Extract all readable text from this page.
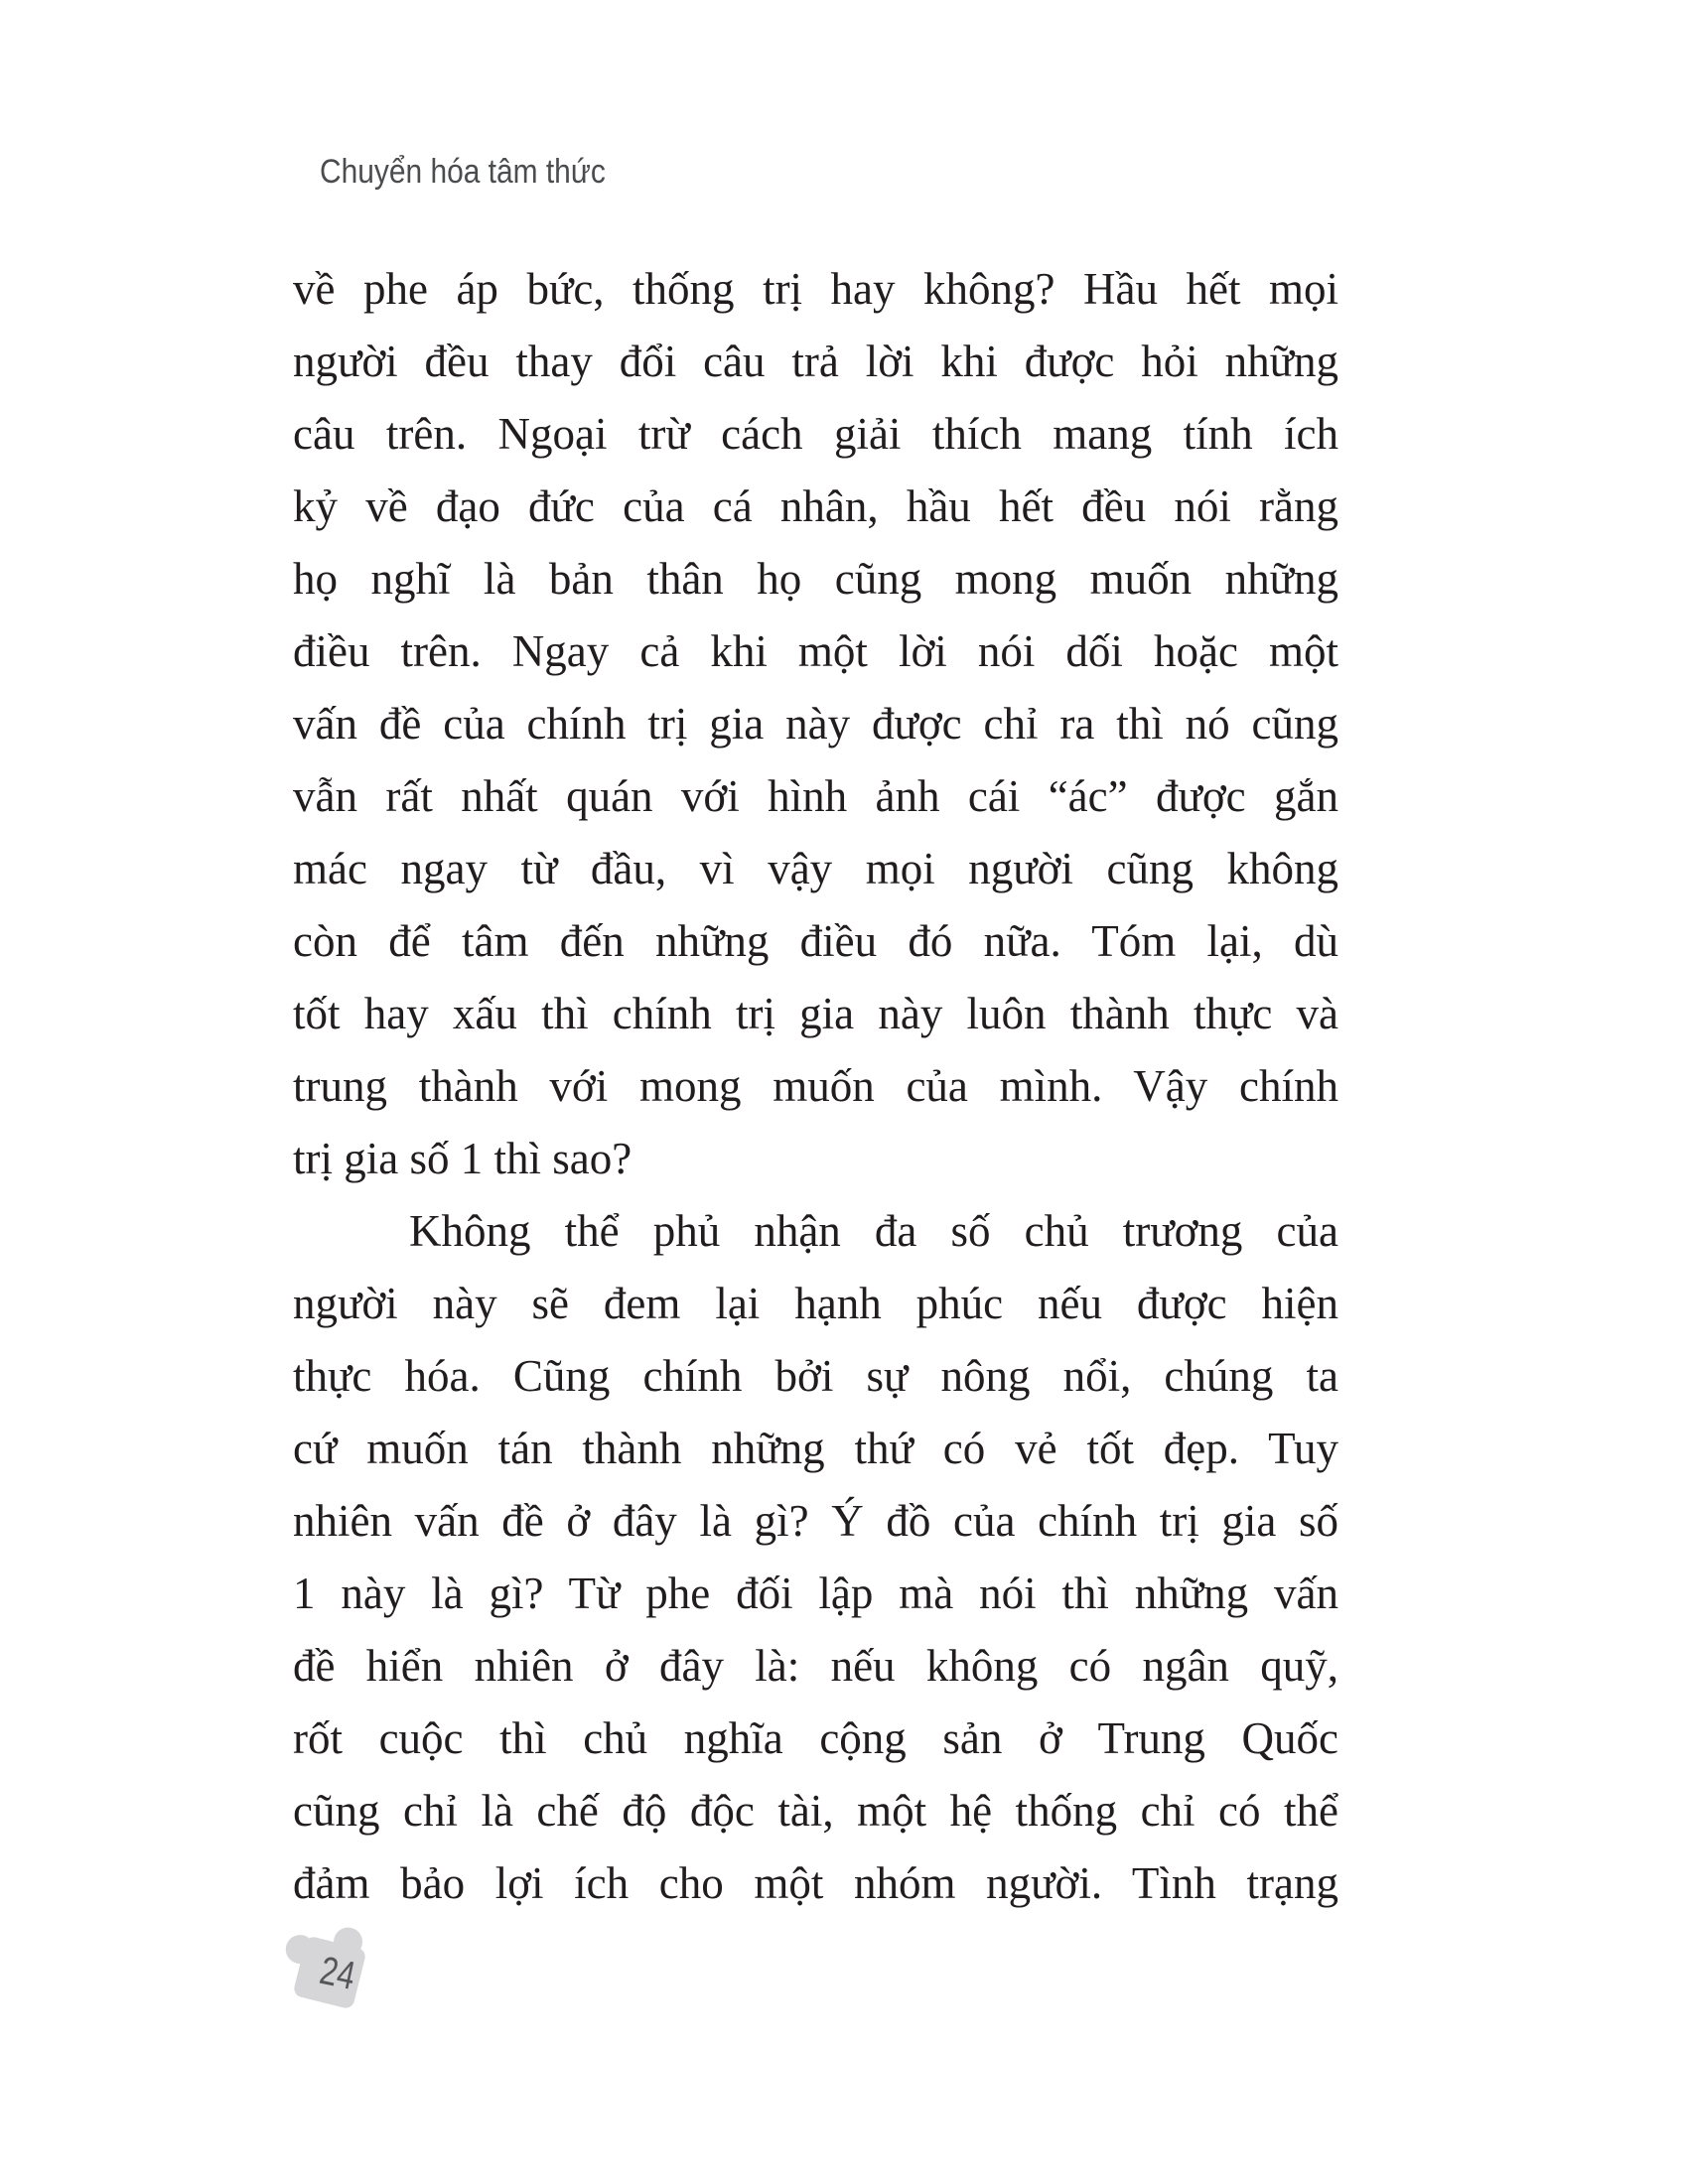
Chuyển hóa tâm thức
về phe áp bức, thống trị hay không? Hầu hết mọi
người đều thay đổi câu trả lời khi được hỏi những
câu trên. Ngoại trừ cách giải thích mang tính ích
kỷ về đạo đức của cá nhân, hầu hết đều nói rằng
họ nghĩ là bản thân họ cũng mong muốn những
điều trên. Ngay cả khi một lời nói dối hoặc một
vấn đề của chính trị gia này được chỉ ra thì nó cũng
vẫn rất nhất quán với hình ảnh cái “ác” được gắn
mác ngay từ đầu, vì vậy mọi người cũng không
còn để tâm đến những điều đó nữa. Tóm lại, dù
tốt hay xấu thì chính trị gia này luôn thành thực và
trung thành với mong muốn của mình. Vậy chính
trị gia số 1 thì sao?
Không thể phủ nhận đa số chủ trương của
người này sẽ đem lại hạnh phúc nếu được hiện
thực hóa. Cũng chính bởi sự nông nổi, chúng ta
cứ muốn tán thành những thứ có vẻ tốt đẹp. Tuy
nhiên vấn đề ở đây là gì? Ý đồ của chính trị gia số
1 này là gì? Từ phe đối lập mà nói thì những vấn
đề hiển nhiên ở đây là: nếu không có ngân quỹ,
rốt cuộc thì chủ nghĩa cộng sản ở Trung Quốc
cũng chỉ là chế độ độc tài, một hệ thống chỉ có thể
đảm bảo lợi ích cho một nhóm người. Tình trạng
24
